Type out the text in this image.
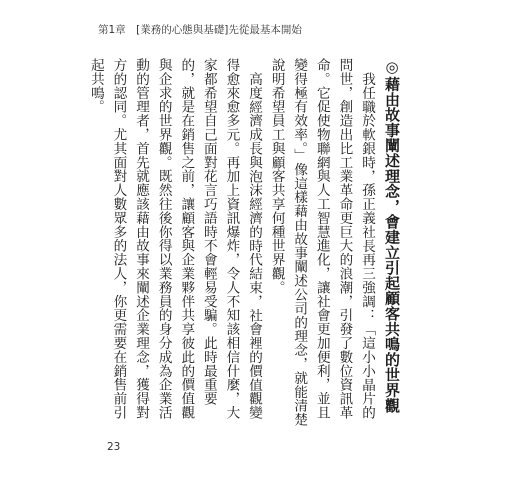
第1章　[業務的心態與基礎]先從最基本開始

◎藉由故事闡述理念，會建立引起顧客共鳴的世界觀

我任職於軟銀時，孫正義社長再三強調：「這小小晶片的問世，創造出比工業革命更巨大的浪潮，引發了數位資訊革命。它促使物聯網與人工智慧進化，讓社會更加便利，並且變得極有效率。」像這樣藉由故事闡述公司的理念，就能清楚說明希望員工與顧客共享何種世界觀。

高度經濟成長與泡沫經濟的時代結束，社會裡的價值觀變得愈來愈多元。再加上資訊爆炸，令人不知該相信什麼，大家都希望自己面對花言巧語時不會輕易受騙。此時最重要的，就是在銷售之前，讓顧客與企業夥伴共享彼此的價值觀與企求的世界觀。既然往後你得以業務員的身分成為企業活動的管理者，首先就應該藉由故事來闡述企業理念，獲得對方的認同。尤其面對人數眾多的法人，你更需要在銷售前引起共鳴。

23
